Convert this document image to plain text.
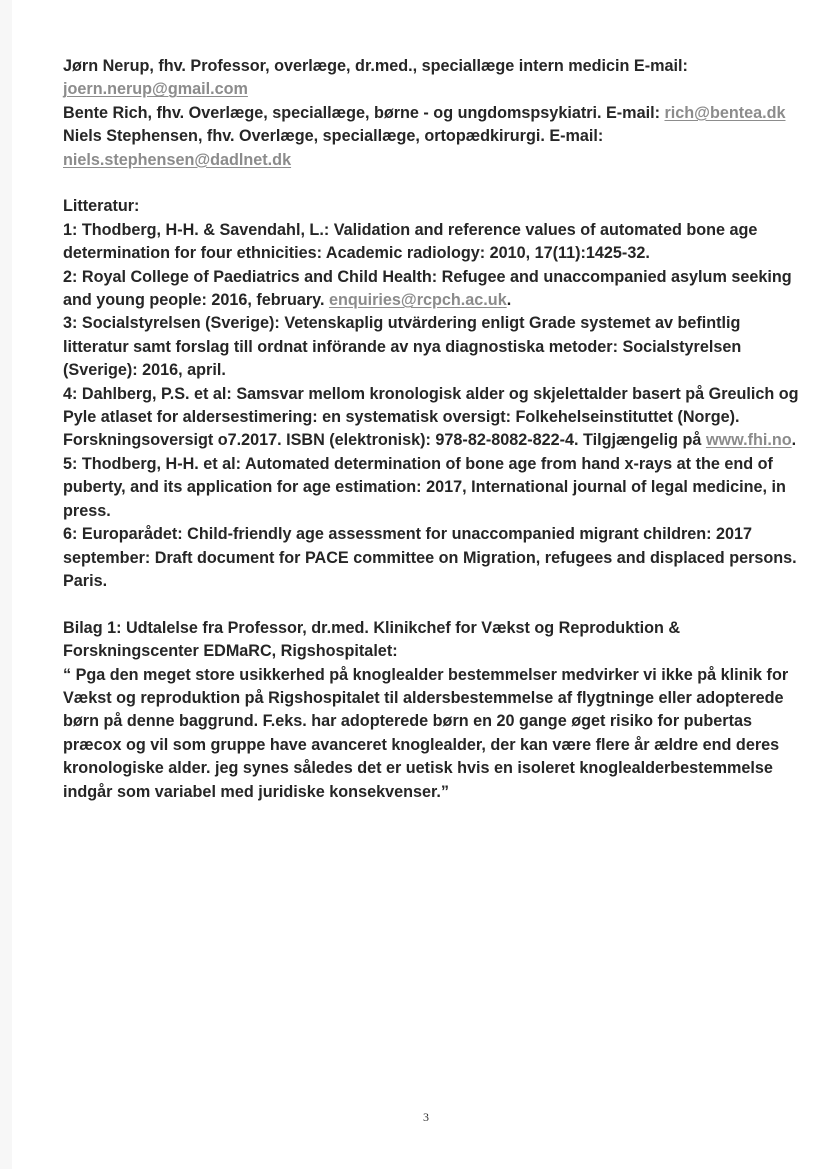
Jørn Nerup, fhv. Professor, overlæge, dr.med., speciallæge intern medicin E-mail: joern.nerup@gmail.com

Bente Rich, fhv. Overlæge, speciallæge, børne - og ungdomspsykiatri. E-mail: rich@bentea.dk

Niels Stephensen, fhv. Overlæge, speciallæge, ortopædkirurgi. E-mail: niels.stephensen@dadlnet.dk

Litteratur:

1: Thodberg, H-H. & Savendahl, L.: Validation and reference values of automated bone age determination for four ethnicities: Academic radiology: 2010, 17(11):1425-32.

2: Royal College of Paediatrics and Child Health: Refugee and unaccompanied asylum seeking and young people: 2016, february. enquiries@rcpch.ac.uk.

3: Socialstyrelsen (Sverige): Vetenskaplig utvärdering enligt Grade systemet av befintlig litteratur samt forslag till ordnat införande av nya diagnostiska metoder: Socialstyrelsen (Sverige): 2016, april.

4: Dahlberg, P.S. et al: Samsvar mellom kronologisk alder og skjelettalder basert på Greulich og Pyle atlaset for aldersestimering: en systematisk oversigt: Folkehelseinstituttet (Norge). Forskningsoversigt o7.2017. ISBN (elektronisk): 978-82-8082-822-4. Tilgjængelig på www.fhi.no.

5: Thodberg, H-H. et al: Automated determination of bone age from hand x-rays at the end of puberty, and its application for age estimation: 2017, International journal of legal medicine, in press.

6: Europarådet: Child-friendly age assessment for unaccompanied migrant children: 2017 september: Draft document for PACE committee on Migration, refugees and displaced persons. Paris.

Bilag 1: Udtalelse fra Professor, dr.med. Klinikchef for Vækst og Reproduktion & Forskningscenter EDMaRC, Rigshospitalet:

“ Pga den meget store usikkerhed på knoglealder bestemmelser medvirker vi ikke på klinik for Vækst og reproduktion på Rigshospitalet til aldersbestemmelse af flygtninge eller adopterede børn på denne baggrund. F.eks. har adopterede børn en 20 gange øget risiko for pubertas præcox og vil som gruppe have avanceret knoglealder, der kan være flere år ældre end deres kronologiske alder. jeg synes således det er uetisk hvis en isoleret knoglealderbestemmelse indgår som variabel med juridiske konsekvenser.”

3
